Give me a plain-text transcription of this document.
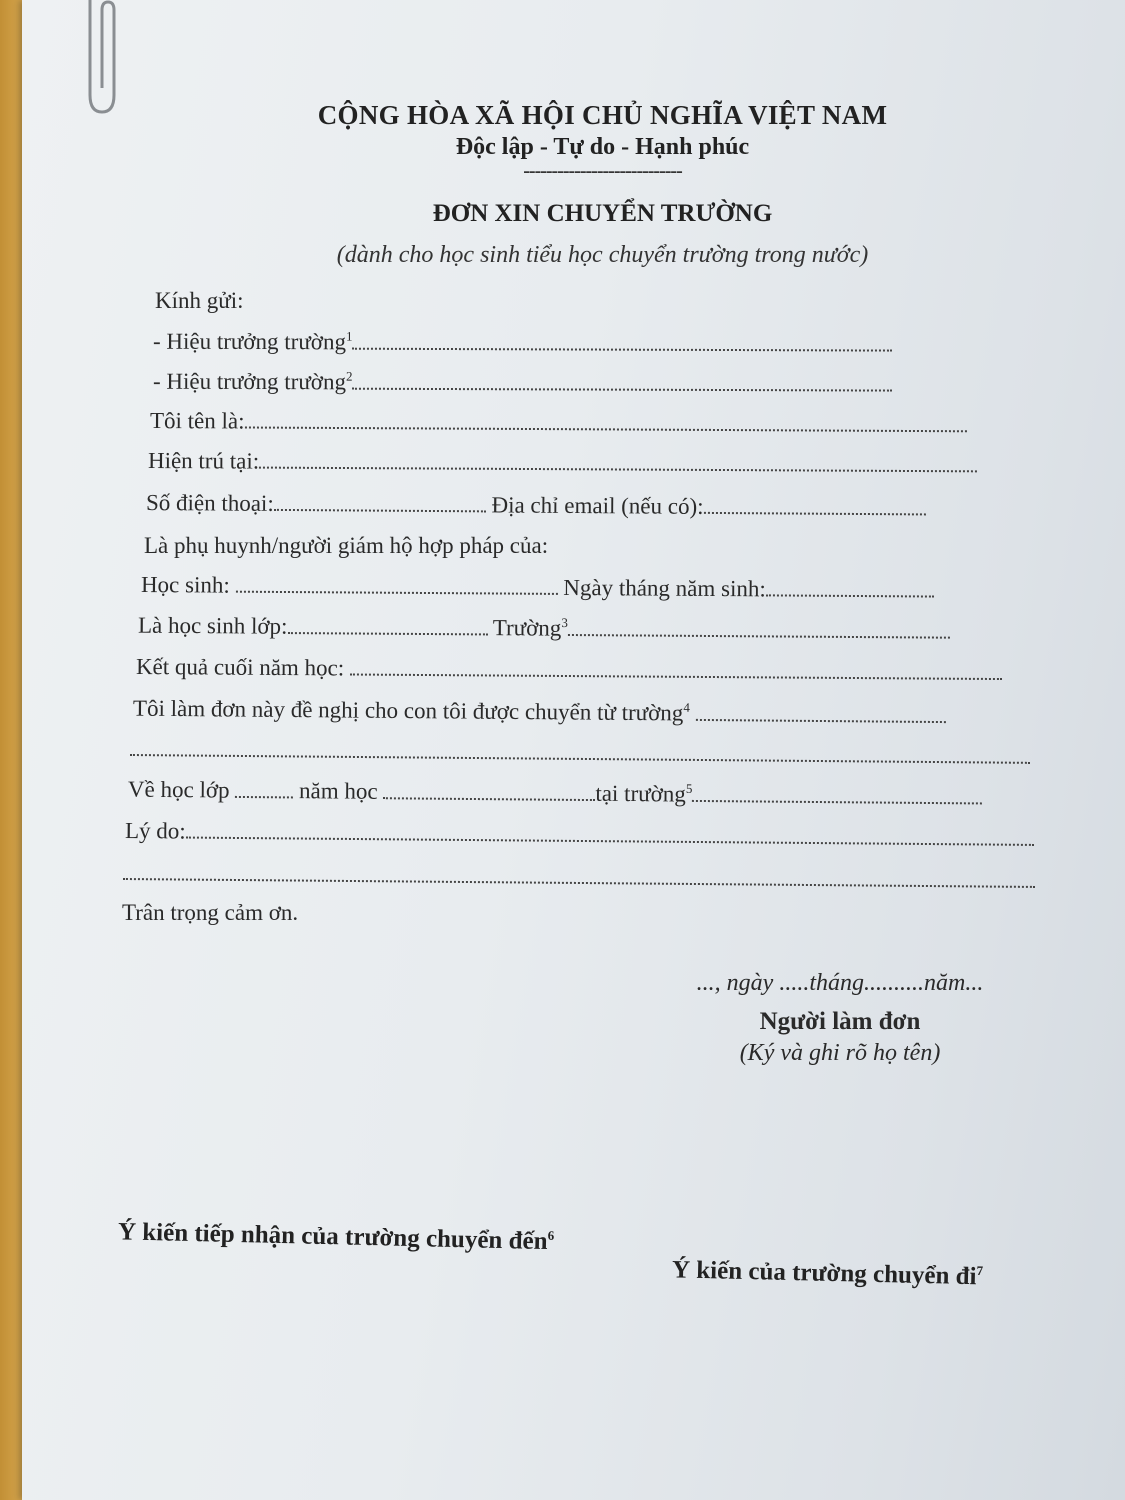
CỘNG HÒA XÃ HỘI CHỦ NGHĨA VIỆT NAM
Độc lập - Tự do - Hạnh phúc
----------------------------
ĐƠN XIN CHUYỂN TRƯỜNG
(dành cho học sinh tiểu học chuyển trường trong nước)
Kính gửi:
- Hiệu trưởng trường$^1$
- Hiệu trưởng trường$^2$
Tôi tên là:
Hiện trú tại:
Số điện thoại:	Địa chỉ email (nếu có):
Là phụ huynh/người giám hộ hợp pháp của:
Học sinh:	Ngày tháng năm sinh:
Là học sinh lớp:	Trường$^3$
Kết quả cuối năm học:
Tôi làm đơn này đề nghị cho con tôi được chuyển từ trường$^4$
Về học lớp	năm học	tại trường$^5$
Lý do:
Trân trọng cảm ơn.
..., ngày .....tháng..........năm...
Người làm đơn
(Ký và ghi rõ họ tên)
Ý kiến tiếp nhận của trường chuyển đến$^6$
Ý kiến của trường chuyển $đi^7$
